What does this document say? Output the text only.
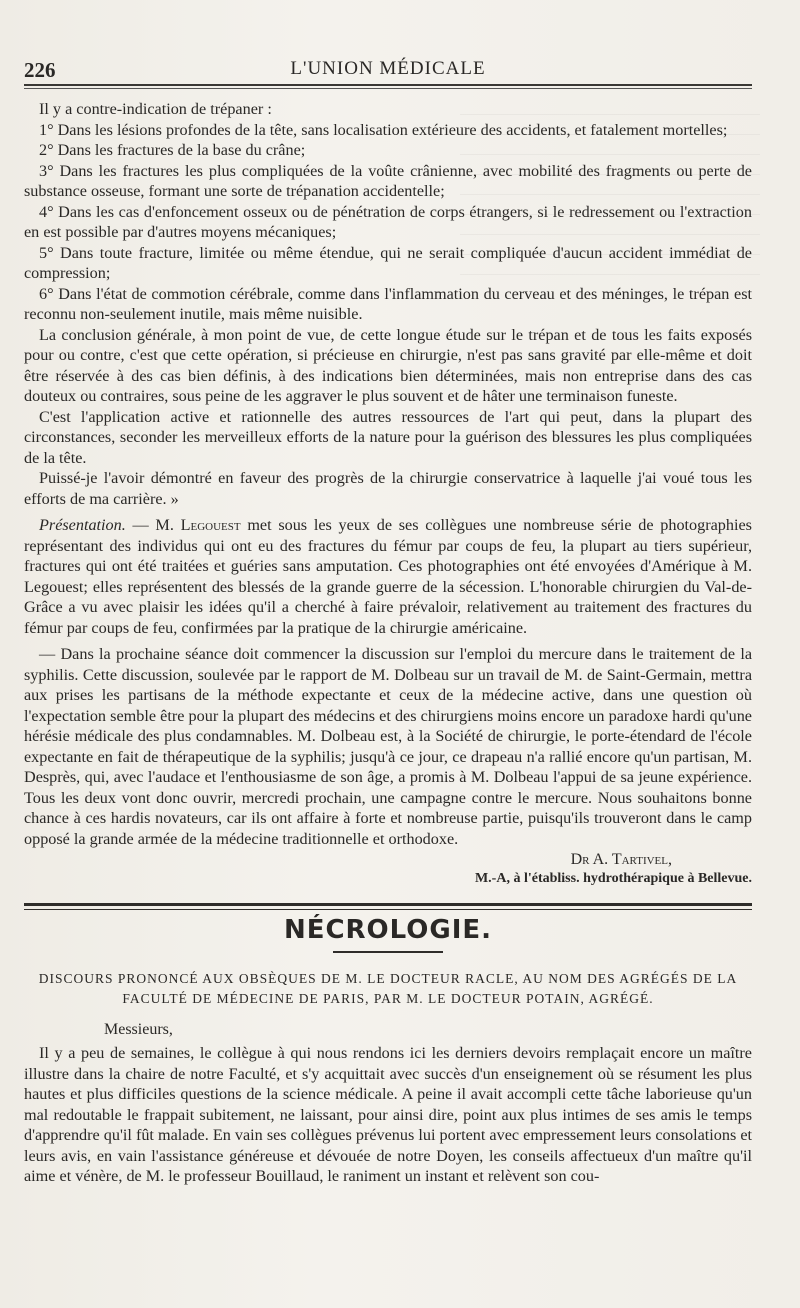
226	L'UNION MÉDICALE

Il y a contre-indication de trépaner :

1° Dans les lésions profondes de la tête, sans localisation extérieure des accidents, et fatalement mortelles;

2° Dans les fractures de la base du crâne;

3° Dans les fractures les plus compliquées de la voûte crânienne, avec mobilité des fragments ou perte de substance osseuse, formant une sorte de trépanation accidentelle;

4° Dans les cas d'enfoncement osseux ou de pénétration de corps étrangers, si le redressement ou l'extraction en est possible par d'autres moyens mécaniques;

5° Dans toute fracture, limitée ou même étendue, qui ne serait compliquée d'aucun accident immédiat de compression;

6° Dans l'état de commotion cérébrale, comme dans l'inflammation du cerveau et des méninges, le trépan est reconnu non-seulement inutile, mais même nuisible.

La conclusion générale, à mon point de vue, de cette longue étude sur le trépan et de tous les faits exposés pour ou contre, c'est que cette opération, si précieuse en chirurgie, n'est pas sans gravité par elle-même et doit être réservée à des cas bien définis, à des indications bien déterminées, mais non entreprise dans des cas douteux ou contraires, sous peine de les aggraver le plus souvent et de hâter une terminaison funeste.

C'est l'application active et rationnelle des autres ressources de l'art qui peut, dans la plupart des circonstances, seconder les merveilleux efforts de la nature pour la guérison des blessures les plus compliquées de la tête.

Puissé-je l'avoir démontré en faveur des progrès de la chirurgie conservatrice à laquelle j'ai voué tous les efforts de ma carrière. »

Présentation. — M. Legouest met sous les yeux de ses collègues une nombreuse série de photographies représentant des individus qui ont eu des fractures du fémur par coups de feu, la plupart au tiers supérieur, fractures qui ont été traitées et guéries sans amputation. Ces photographies ont été envoyées d'Amérique à M. Legouest; elles représentent des blessés de la grande guerre de la sécession. L'honorable chirurgien du Val-de-Grâce a vu avec plaisir les idées qu'il a cherché à faire prévaloir, relativement au traitement des fractures du fémur par coups de feu, confirmées par la pratique de la chirurgie américaine.

— Dans la prochaine séance doit commencer la discussion sur l'emploi du mercure dans le traitement de la syphilis. Cette discussion, soulevée par le rapport de M. Dolbeau sur un travail de M. de Saint-Germain, mettra aux prises les partisans de la méthode expectante et ceux de la médecine active, dans une question où l'expectation semble être pour la plupart des médecins et des chirurgiens moins encore un paradoxe hardi qu'une hérésie médicale des plus condamnables. M. Dolbeau est, à la Société de chirurgie, le porte-étendard de l'école expectante en fait de thérapeutique de la syphilis; jusqu'à ce jour, ce drapeau n'a rallié encore qu'un partisan, M. Desprès, qui, avec l'audace et l'enthousiasme de son âge, a promis à M. Dolbeau l'appui de sa jeune expérience. Tous les deux vont donc ouvrir, mercredi prochain, une campagne contre le mercure. Nous souhaitons bonne chance à ces hardis novateurs, car ils ont affaire à forte et nombreuse partie, puisqu'ils trouveront dans le camp opposé la grande armée de la médecine traditionnelle et orthodoxe.

Dr A. Tartivel,
M.-A, à l'établiss. hydrothérapique à Bellevue.
NÉCROLOGIE.
DISCOURS PRONONCÉ AUX OBSÈQUES DE M. LE DOCTEUR RACLE, AU NOM DES AGRÉGÉS DE LA FACULTÉ DE MÉDECINE DE PARIS, PAR M. LE DOCTEUR POTAIN, AGRÉGÉ.
Messieurs,

Il y a peu de semaines, le collègue à qui nous rendons ici les derniers devoirs remplaçait encore un maître illustre dans la chaire de notre Faculté, et s'y acquittait avec succès d'un enseignement où se résument les plus hautes et plus difficiles questions de la science médicale. A peine il avait accompli cette tâche laborieuse qu'un mal redoutable le frappait subitement, ne laissant, pour ainsi dire, point aux plus intimes de ses amis le temps d'apprendre qu'il fût malade. En vain ses collègues prévenus lui portent avec empressement leurs consolations et leurs avis, en vain l'assistance généreuse et dévouée de notre Doyen, les conseils affectueux d'un maître qu'il aime et vénère, de M. le professeur Bouillaud, le raniment un instant et relèvent son cou-
